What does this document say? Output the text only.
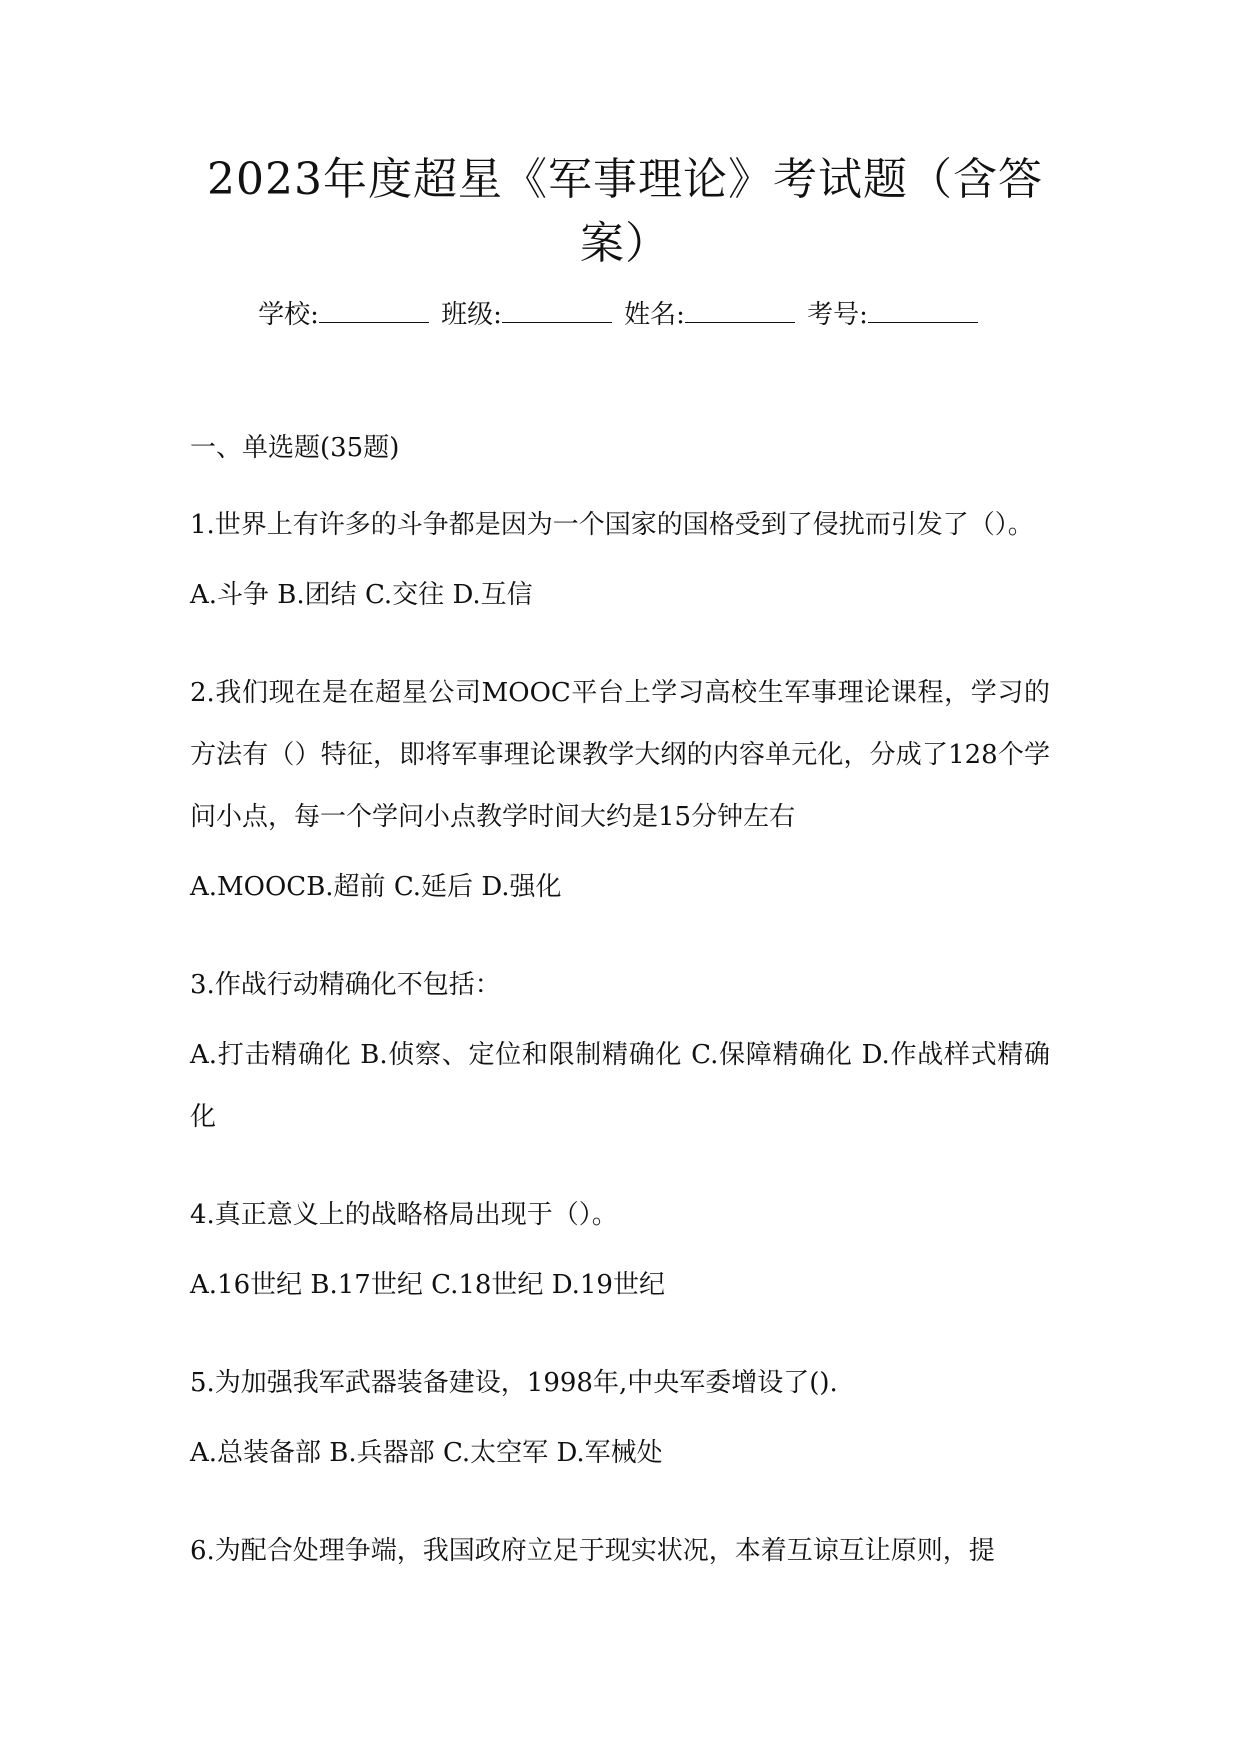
2023年度超星《军事理论》考试题（含答案）
学校:	班级:	姓名:	考号:
一、单选题(35题)
1.世界上有许多的斗争都是因为一个国家的国格受到了侵扰而引发了（）。
A.斗争 B.团结 C.交往 D.互信
2.我们现在是在超星公司MOOC平台上学习高校生军事理论课程，学习的方法有（）特征，即将军事理论课教学大纲的内容单元化，分成了128个学问小点，每一个学问小点教学时间大约是15分钟左右
A.MOOCB.超前 C.延后 D.强化
3.作战行动精确化不包括：
A.打击精确化 B.侦察、定位和限制精确化 C.保障精确化 D.作战样式精确化
4.真正意义上的战略格局出现于（）。
A.16世纪 B.17世纪 C.18世纪 D.19世纪
5.为加强我军武器装备建设，1998年,中央军委增设了().
A.总装备部 B.兵器部 C.太空军 D.军械处
6.为配合处理争端，我国政府立足于现实状况，本着互谅互让原则，提
